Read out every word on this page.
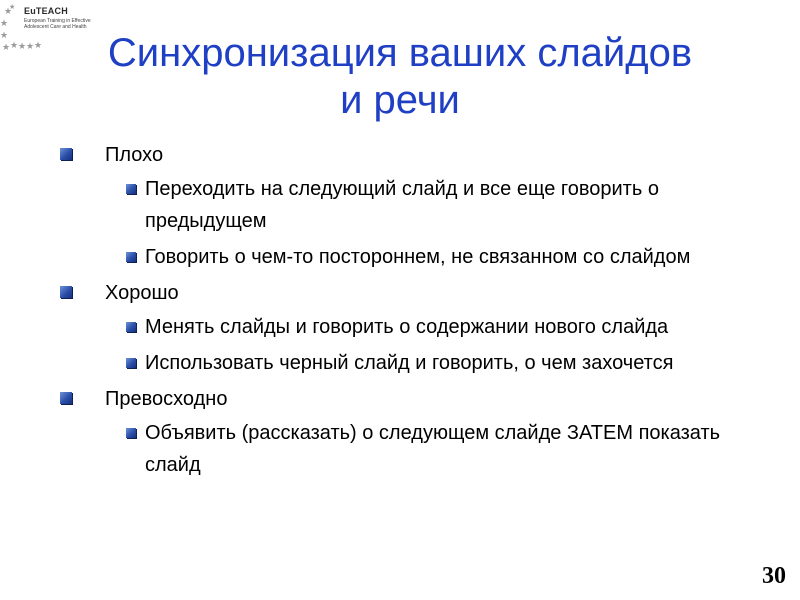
★
★
★
★
★ ★ ★ ★ ★
EuTEACH
European Training in Effective Adolescent Care and Health
Синхронизация ваших слайдов
и речи
Плохо
Переходить на следующий слайд и все еще говорить о предыдущем
Говорить о чем-то постороннем, не связанном со слайдом
Хорошо
Менять слайды и говорить о содержании нового слайда
Использовать черный слайд и говорить, о чем захочется
Превосходно
Объявить (рассказать) о следующем слайде ЗАТЕМ показать слайд
30
